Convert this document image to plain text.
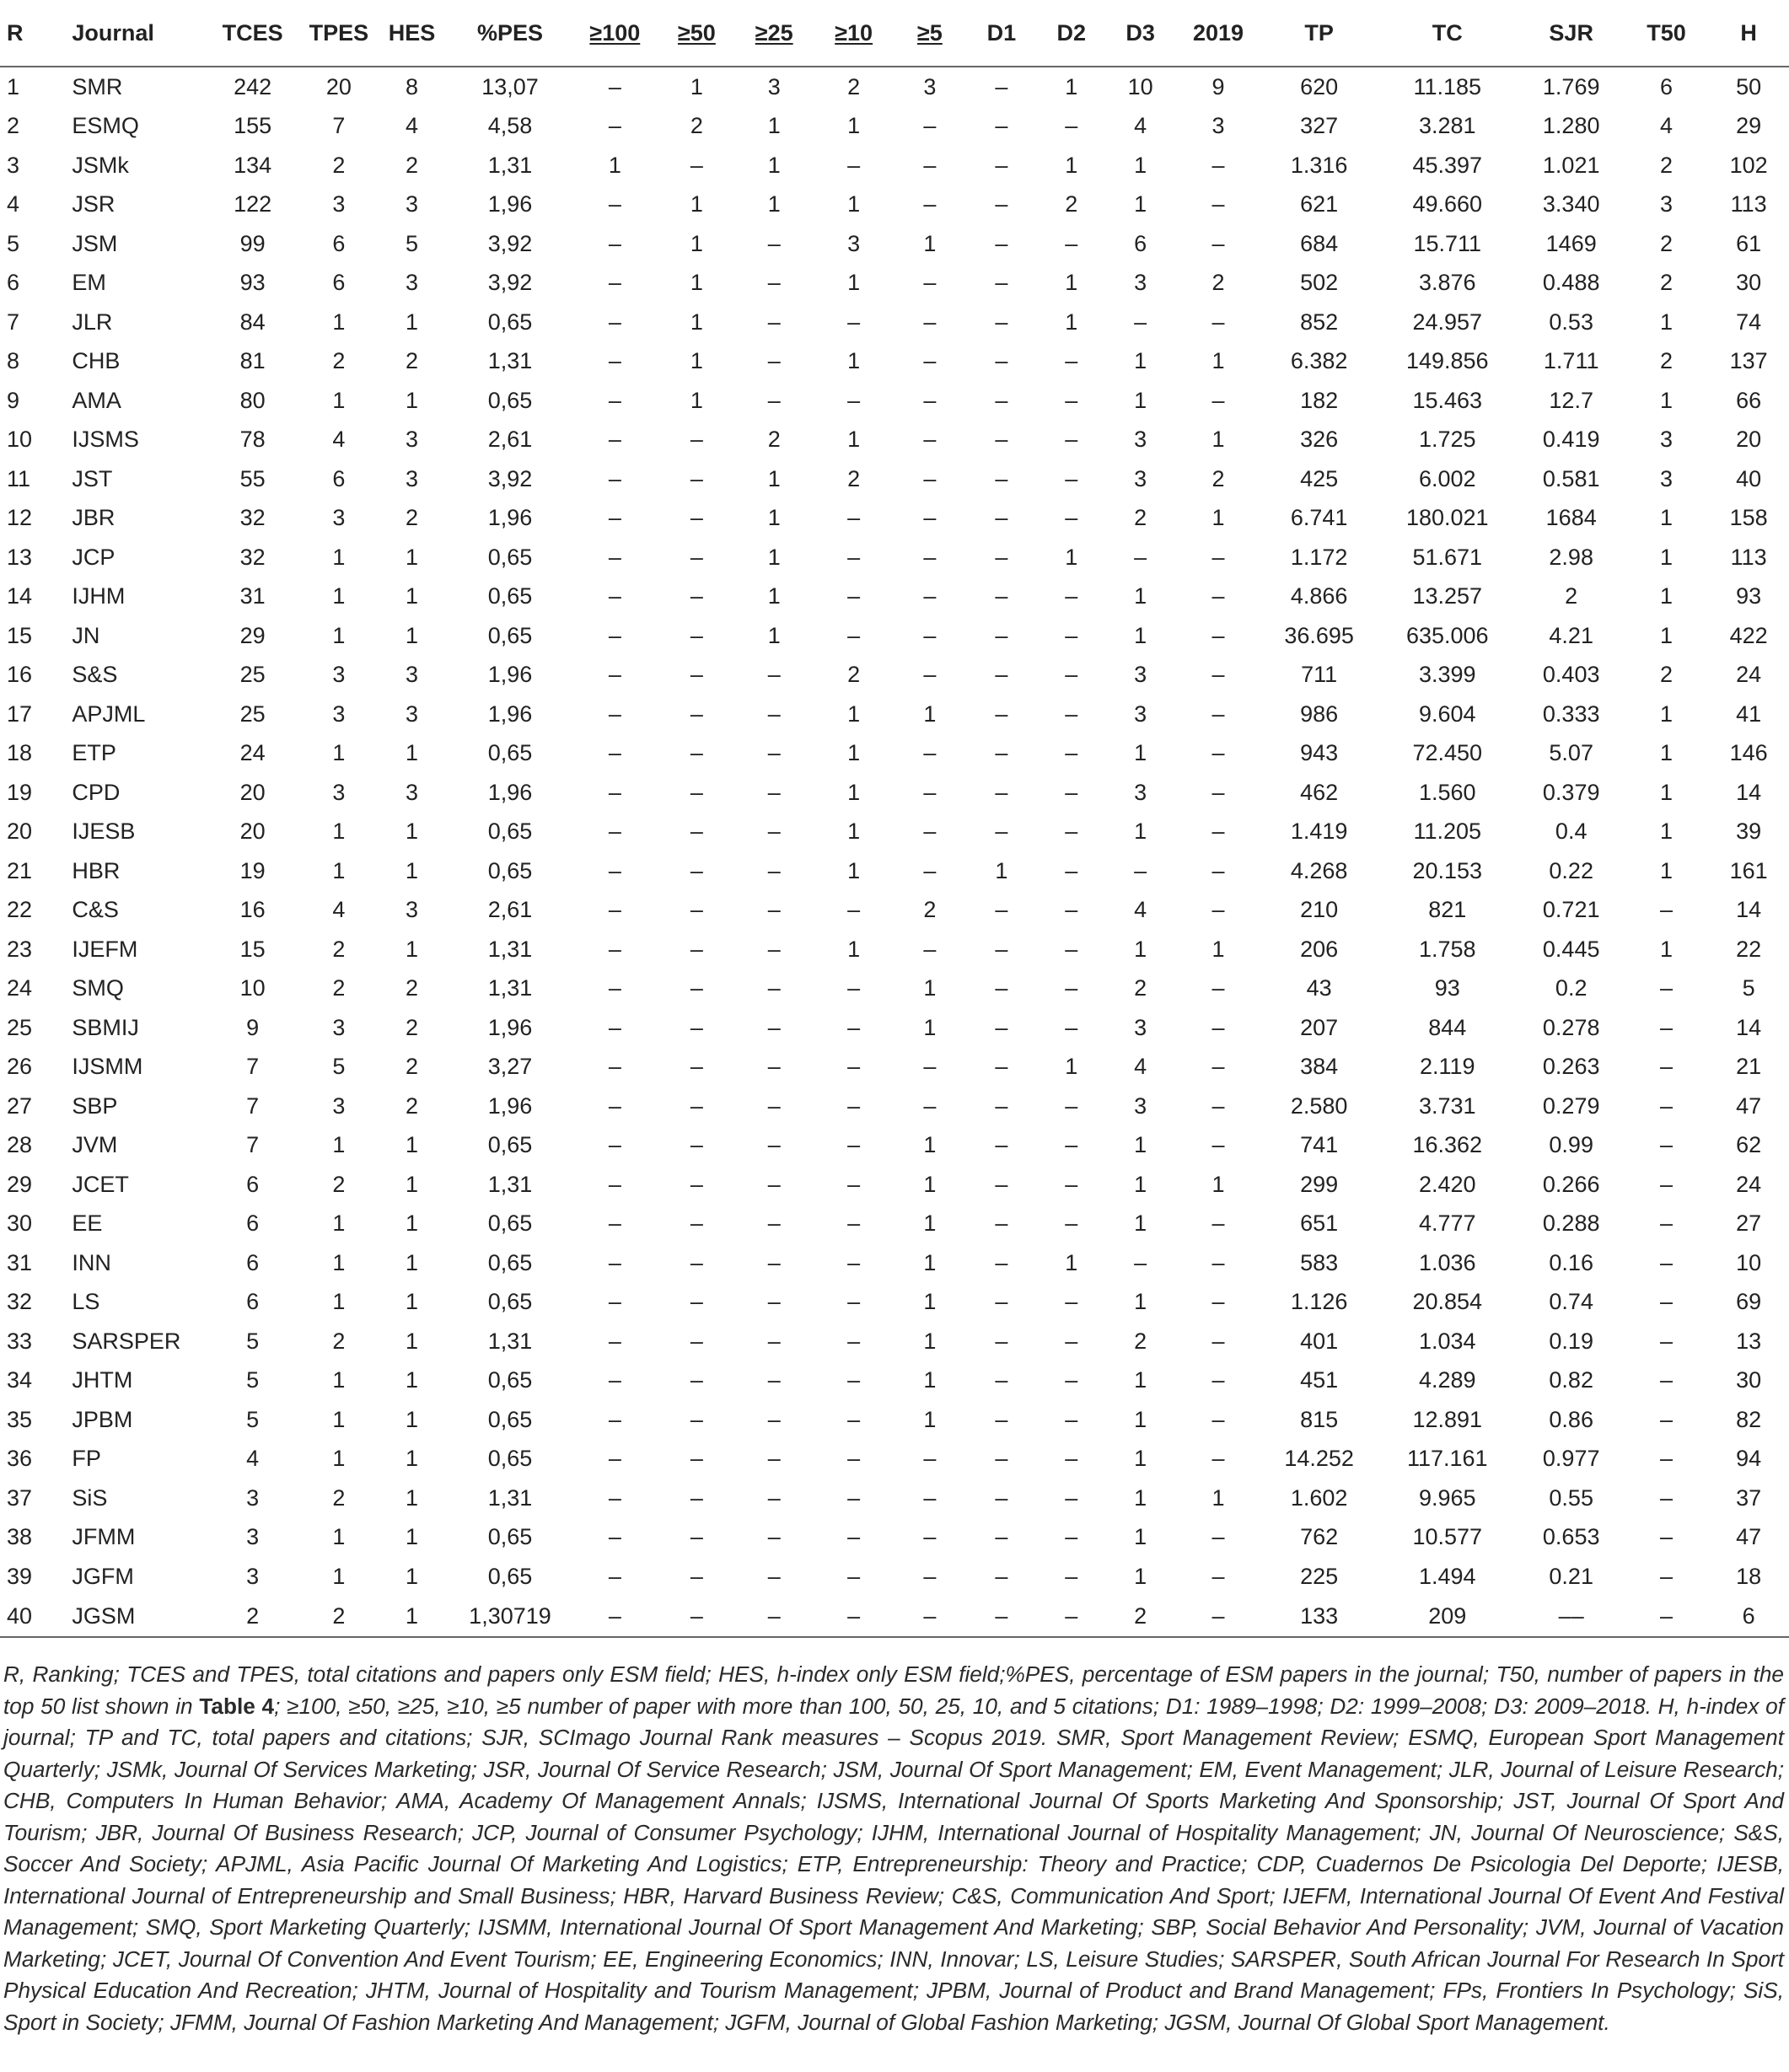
R	Journal	TCES	TPES	HES	%PES	≥100	≥50	≥25	≥10	≥5	D1	D2	D3	2019	TP	TC	SJR	T50	H
1	SMR	242	20	8	13,07	–	1	3	2	3	–	1	10	9	620	11.185	1.769	6	50
2	ESMQ	155	7	4	4,58	–	2	1	1	–	–	–	4	3	327	3.281	1.280	4	29
3	JSMk	134	2	2	1,31	1	–	1	–	–	–	1	1	–	1.316	45.397	1.021	2	102
4	JSR	122	3	3	1,96	–	1	1	1	–	–	2	1	–	621	49.660	3.340	3	113
5	JSM	99	6	5	3,92	–	1	–	3	1	–	–	6	–	684	15.711	1469	2	61
6	EM	93	6	3	3,92	–	1	–	1	–	–	1	3	2	502	3.876	0.488	2	30
7	JLR	84	1	1	0,65	–	1	–	–	–	–	1	–	–	852	24.957	0.53	1	74
8	CHB	81	2	2	1,31	–	1	–	1	–	–	–	1	1	6.382	149.856	1.711	2	137
9	AMA	80	1	1	0,65	–	1	–	–	–	–	–	1	–	182	15.463	12.7	1	66
10	IJSMS	78	4	3	2,61	–	–	2	1	–	–	–	3	1	326	1.725	0.419	3	20
11	JST	55	6	3	3,92	–	–	1	2	–	–	–	3	2	425	6.002	0.581	3	40
12	JBR	32	3	2	1,96	–	–	1	–	–	–	–	2	1	6.741	180.021	1684	1	158
13	JCP	32	1	1	0,65	–	–	1	–	–	–	1	–	–	1.172	51.671	2.98	1	113
14	IJHM	31	1	1	0,65	–	–	1	–	–	–	–	1	–	4.866	13.257	2	1	93
15	JN	29	1	1	0,65	–	–	1	–	–	–	–	1	–	36.695	635.006	4.21	1	422
16	S&S	25	3	3	1,96	–	–	–	2	–	–	–	3	–	711	3.399	0.403	2	24
17	APJML	25	3	3	1,96	–	–	–	1	1	–	–	3	–	986	9.604	0.333	1	41
18	ETP	24	1	1	0,65	–	–	–	1	–	–	–	1	–	943	72.450	5.07	1	146
19	CPD	20	3	3	1,96	–	–	–	1	–	–	–	3	–	462	1.560	0.379	1	14
20	IJESB	20	1	1	0,65	–	–	–	1	–	–	–	1	–	1.419	11.205	0.4	1	39
21	HBR	19	1	1	0,65	–	–	–	1	–	1	–	–	–	4.268	20.153	0.22	1	161
22	C&S	16	4	3	2,61	–	–	–	–	2	–	–	4	–	210	821	0.721	–	14
23	IJEFM	15	2	1	1,31	–	–	–	1	–	–	–	1	1	206	1.758	0.445	1	22
24	SMQ	10	2	2	1,31	–	–	–	–	1	–	–	2	–	43	93	0.2	–	5
25	SBMIJ	9	3	2	1,96	–	–	–	–	1	–	–	3	–	207	844	0.278	–	14
26	IJSMM	7	5	2	3,27	–	–	–	–	–	–	1	4	–	384	2.119	0.263	–	21
27	SBP	7	3	2	1,96	–	–	–	–	–	–	–	3	–	2.580	3.731	0.279	–	47
28	JVM	7	1	1	0,65	–	–	–	–	1	–	–	1	–	741	16.362	0.99	–	62
29	JCET	6	2	1	1,31	–	–	–	–	1	–	–	1	1	299	2.420	0.266	–	24
30	EE	6	1	1	0,65	–	–	–	–	1	–	–	1	–	651	4.777	0.288	–	27
31	INN	6	1	1	0,65	–	–	–	–	1	–	1	–	–	583	1.036	0.16	–	10
32	LS	6	1	1	0,65	–	–	–	–	1	–	–	1	–	1.126	20.854	0.74	–	69
33	SARSPER	5	2	1	1,31	–	–	–	–	1	–	–	2	–	401	1.034	0.19	–	13
34	JHTM	5	1	1	0,65	–	–	–	–	1	–	–	1	–	451	4.289	0.82	–	30
35	JPBM	5	1	1	0,65	–	–	–	–	1	–	–	1	–	815	12.891	0.86	–	82
36	FP	4	1	1	0,65	–	–	–	–	–	–	–	1	–	14.252	117.161	0.977	–	94
37	SiS	3	2	1	1,31	–	–	–	–	–	–	–	1	1	1.602	9.965	0.55	–	37
38	JFMM	3	1	1	0,65	–	–	–	–	–	–	–	1	–	762	10.577	0.653	–	47
39	JGFM	3	1	1	0,65	–	–	–	–	–	–	–	1	–	225	1.494	0.21	–	18
40	JGSM	2	2	1	1,30719	–	–	–	–	–	–	–	2	–	133	209	––	–	6
R, Ranking; TCES and TPES, total citations and papers only ESM field; HES, h-index only ESM field;%PES, percentage of ESM papers in the journal; T50, number of papers in the top 50 list shown in Table 4; ≥100, ≥50, ≥25, ≥10, ≥5 number of paper with more than 100, 50, 25, 10, and 5 citations; D1: 1989–1998; D2: 1999–2008; D3: 2009–2018. H, h-index of journal; TP and TC, total papers and citations; SJR, SCImago Journal Rank measures – Scopus 2019. SMR, Sport Management Review; ESMQ, European Sport Management Quarterly; JSMk, Journal Of Services Marketing; JSR, Journal Of Service Research; JSM, Journal Of Sport Management; EM, Event Management; JLR, Journal of Leisure Research; CHB, Computers In Human Behavior; AMA, Academy Of Management Annals; IJSMS, International Journal Of Sports Marketing And Sponsorship; JST, Journal Of Sport And Tourism; JBR, Journal Of Business Research; JCP, Journal of Consumer Psychology; IJHM, International Journal of Hospitality Management; JN, Journal Of Neuroscience; S&S, Soccer And Society; APJML, Asia Pacific Journal Of Marketing And Logistics; ETP, Entrepreneurship: Theory and Practice; CDP, Cuadernos De Psicologia Del Deporte; IJESB, International Journal of Entrepreneurship and Small Business; HBR, Harvard Business Review; C&S, Communication And Sport; IJEFM, International Journal Of Event And Festival Management; SMQ, Sport Marketing Quarterly; IJSMM, International Journal Of Sport Management And Marketing; SBP, Social Behavior And Personality; JVM, Journal of Vacation Marketing; JCET, Journal Of Convention And Event Tourism; EE, Engineering Economics; INN, Innovar; LS, Leisure Studies; SARSPER, South African Journal For Research In Sport Physical Education And Recreation; JHTM, Journal of Hospitality and Tourism Management; JPBM, Journal of Product and Brand Management; FPs, Frontiers In Psychology; SiS, Sport in Society; JFMM, Journal Of Fashion Marketing And Management; JGFM, Journal of Global Fashion Marketing; JGSM, Journal Of Global Sport Management.
